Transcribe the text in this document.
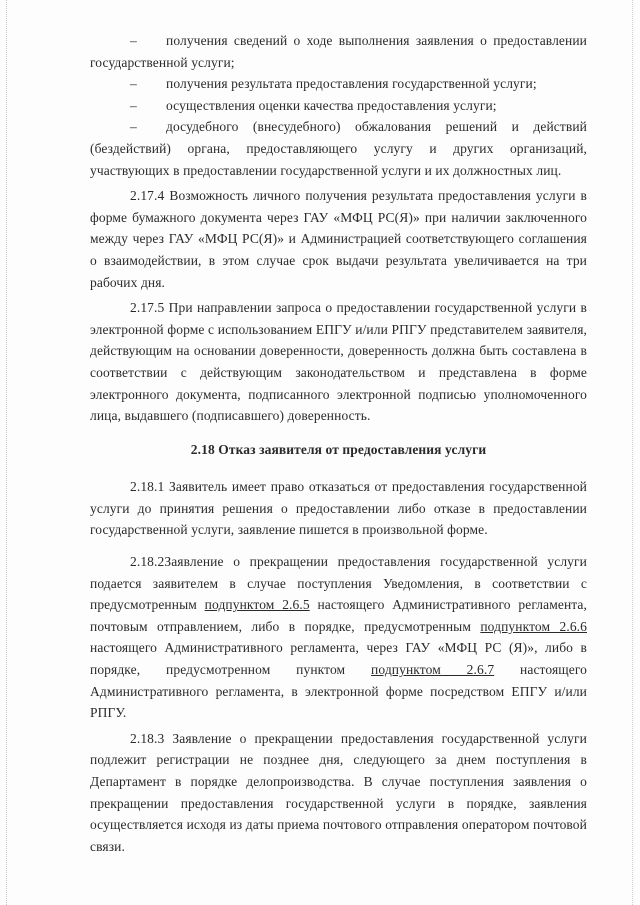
– получения сведений о ходе выполнения заявления о предоставлении государственной услуги;

– получения результата предоставления государственной услуги;

– осуществления оценки качества предоставления услуги;

– досудебного (внесудебного) обжалования решений и действий (бездействий) органа, предоставляющего услугу и других организаций, участвующих в предоставлении государственной услуги и их должностных лиц.

2.17.4 Возможность личного получения результата предоставления услуги в форме бумажного документа через ГАУ «МФЦ РС(Я)» при наличии заключенного между через ГАУ «МФЦ РС(Я)» и Администрацией соответствующего соглашения о взаимодействии, в этом случае срок выдачи результата увеличивается на три рабочих дня.

2.17.5 При направлении запроса о предоставлении государственной услуги в электронной форме с использованием ЕПГУ и/или РПГУ представителем заявителя, действующим на основании доверенности, доверенность должна быть составлена в соответствии с действующим законодательством и представлена в форме электронного документа, подписанного электронной подписью уполномоченного лица, выдавшего (подписавшего) доверенность.

2.18 Отказ заявителя от предоставления услуги

2.18.1 Заявитель имеет право отказаться от предоставления государственной услуги до принятия решения о предоставлении либо отказе в предоставлении государственной услуги, заявление пишется в произвольной форме.

2.18.2Заявление о прекращении предоставления государственной услуги подается заявителем в случае поступления Уведомления, в соответствии с предусмотренным подпунктом 2.6.5 настоящего Административного регламента, почтовым отправлением, либо в порядке, предусмотренным подпунктом 2.6.6 настоящего Административного регламента, через ГАУ «МФЦ РС (Я)», либо в порядке, предусмотренном пунктом подпунктом 2.6.7 настоящего Административного регламента, в электронной форме посредством ЕПГУ и/или РПГУ.

2.18.3 Заявление о прекращении предоставления государственной услуги подлежит регистрации не позднее дня, следующего за днем поступления в Департамент в порядке делопроизводства. В случае поступления заявления о прекращении предоставления государственной услуги в порядке, заявления осуществляется исходя из даты приема почтового отправления оператором почтовой связи.
